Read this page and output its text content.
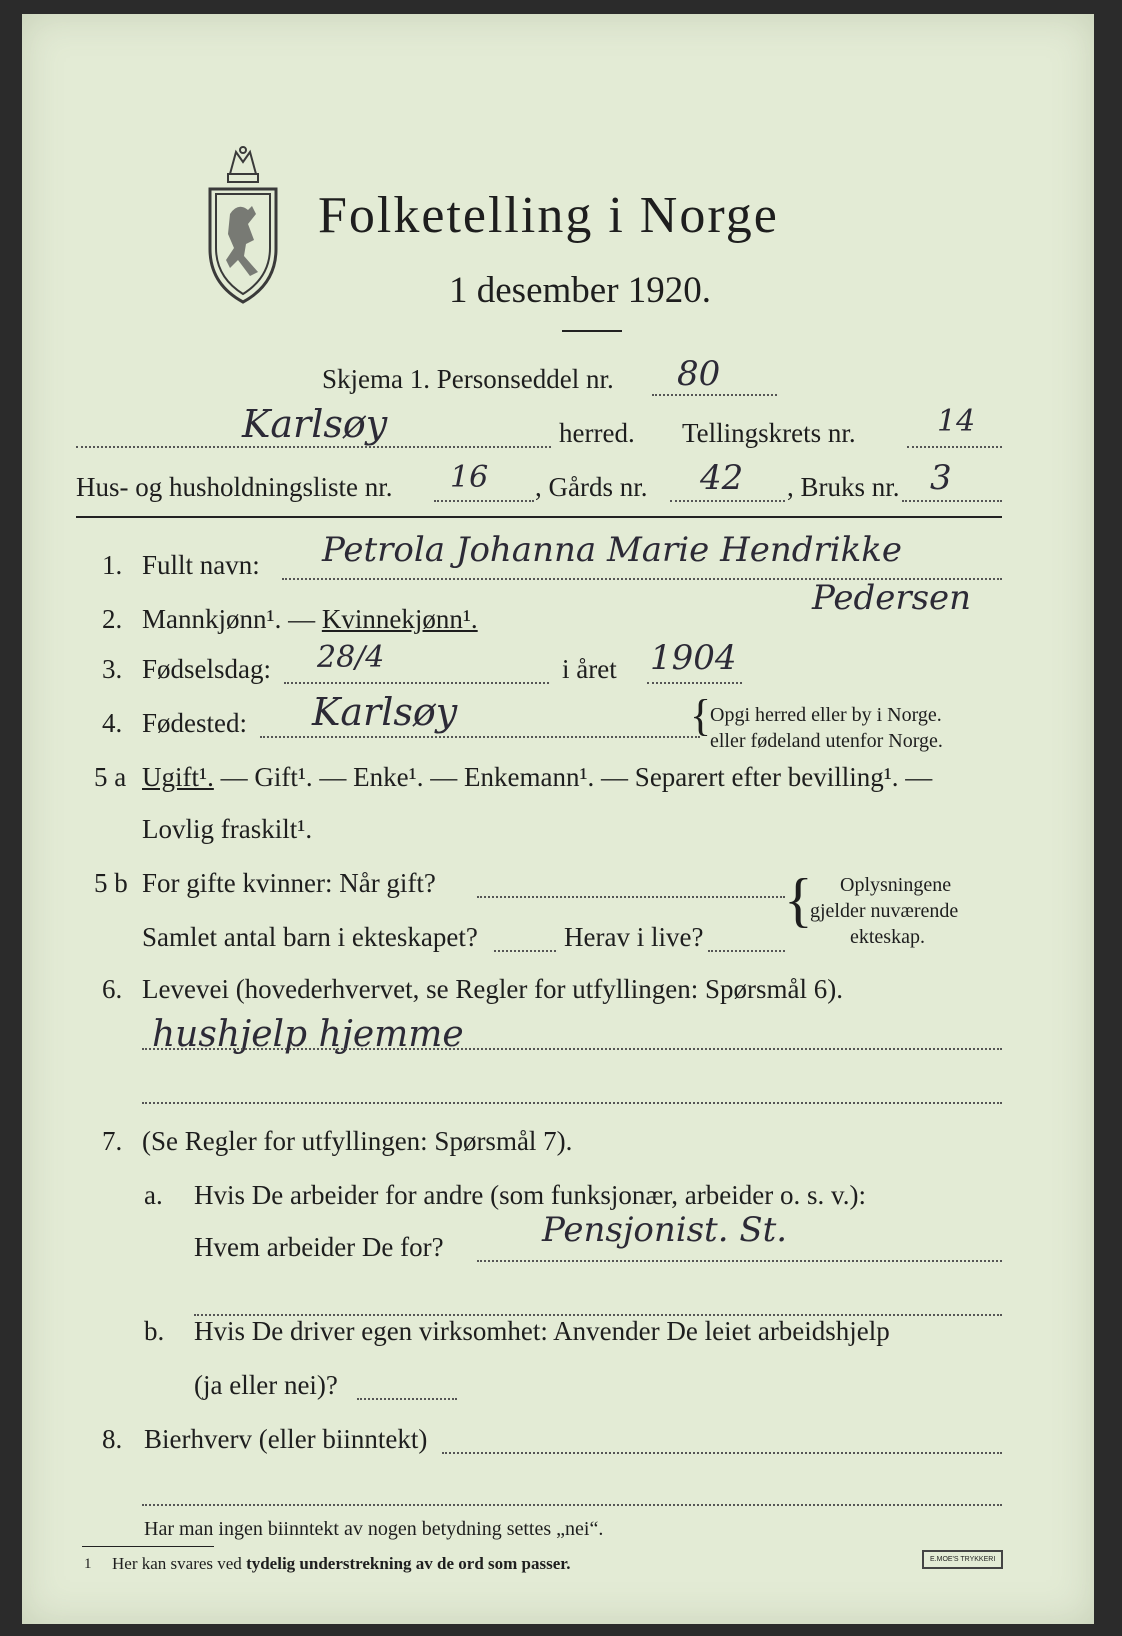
Folketelling i Norge
1 desember 1920.
Skjema 1. Personseddel nr. 80
Karlsøy	herred. Tellingskrets nr.	14
Hus- og husholdningsliste nr. 16 , Gårds nr. 42 , Bruks nr. 3
1. Fullt navn: Petrola Johanna Marie Hendrikke
Pedersen
2. Mannkjønn¹. — Kvinnekjønn¹.
3. Fødselsdag: 28/4	i året 1904
4. Fødested: Karlsøy	{
Opgi herred eller by i Norge.
eller fødeland utenfor Norge.
5 a Ugift¹. — Gift¹. — Enke¹. — Enkemann¹. — Separert efter bevilling¹. —
Lovlig fraskilt¹.
5 b For gifte kvinner: Når gift?
Samlet antal barn i ekteskapet?	Herav i live?
{ Oplysningene
gjelder nuværende
ekteskap.
6. Levevei (hovederhvervet, se Regler for utfyllingen: Spørsmål 6).
hushjelp hjemme
7. (Se Regler for utfyllingen: Spørsmål 7).
a. Hvis De arbeider for andre (som funksjonær, arbeider o. s. v.):
Hvem arbeider De for?	Pensjonist. St.
b. Hvis De driver egen virksomhet: Anvender De leiet arbeidshjelp
(ja eller nei)?
8. Bierhverv (eller biinntekt)
Har man ingen biinntekt av nogen betydning settes „nei“.
1 Her kan svares ved tydelig understrekning av de ord som passer.	E.MOE'S TRYKKERI
